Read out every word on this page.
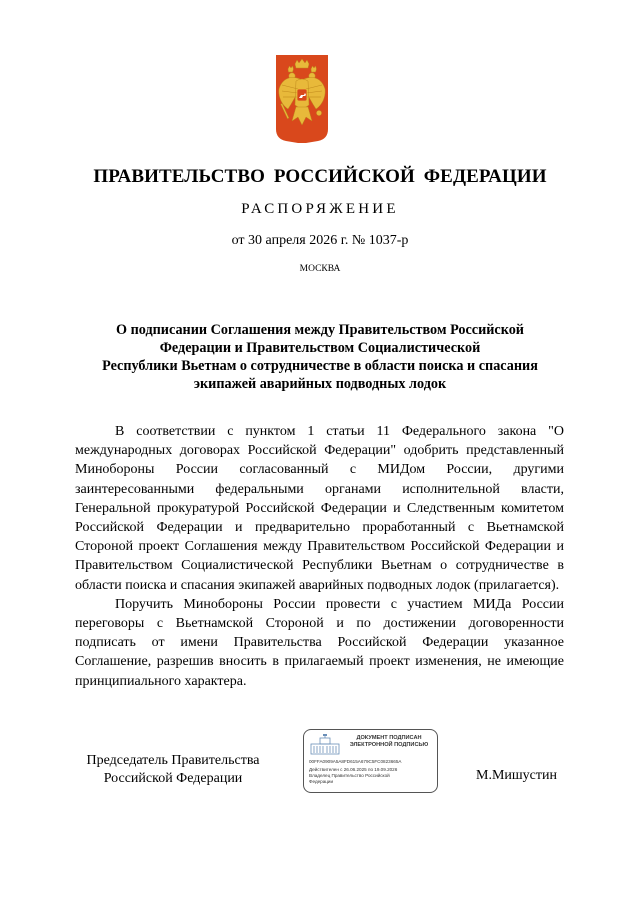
ПРАВИТЕЛЬСТВО РОССИЙСКОЙ ФЕДЕРАЦИИ
РАСПОРЯЖЕНИЕ
от 30 апреля 2026 г. № 1037-р
МОСКВА
О подписании Соглашения между Правительством Российской
Федерации и Правительством Социалистической
Республики Вьетнам о сотрудничестве в области поиска и спасания
экипажей аварийных подводных лодок

В соответствии с пунктом 1 статьи 11 Федерального закона "О международных договорах Российской Федерации" одобрить представленный Минобороны России согласованный с МИДом России, другими заинтересованными федеральными органами исполнительной власти, Генеральной прокуратурой Российской Федерации и Следственным комитетом Российской Федерации и предварительно проработанный с Вьетнамской Стороной проект Соглашения между Правительством Российской Федерации и Правительством Социалистической Республики Вьетнам о сотрудничестве в области поиска и спасания экипажей аварийных подводных лодок (прилагается).

Поручить Минобороны России провести с участием МИДа России переговоры с Вьетнамской Стороной и по достижении договоренности подписать от имени Правительства Российской Федерации указанное Соглашение, разрешив вносить в прилагаемый проект изменения, не имеющие принципиального характера.

Председатель Правительства
Российской Федерации
ДОКУМЕНТ ПОДПИСАН
ЭЛЕКТРОННОЙ ПОДПИСЬЮ
00FFA0909A5A8FD615A679C5FC0823665A
Действителен с 26.06.2025 по 19.09.2026
Владелец Правительство Российской
Федерации	М.Мишустин
